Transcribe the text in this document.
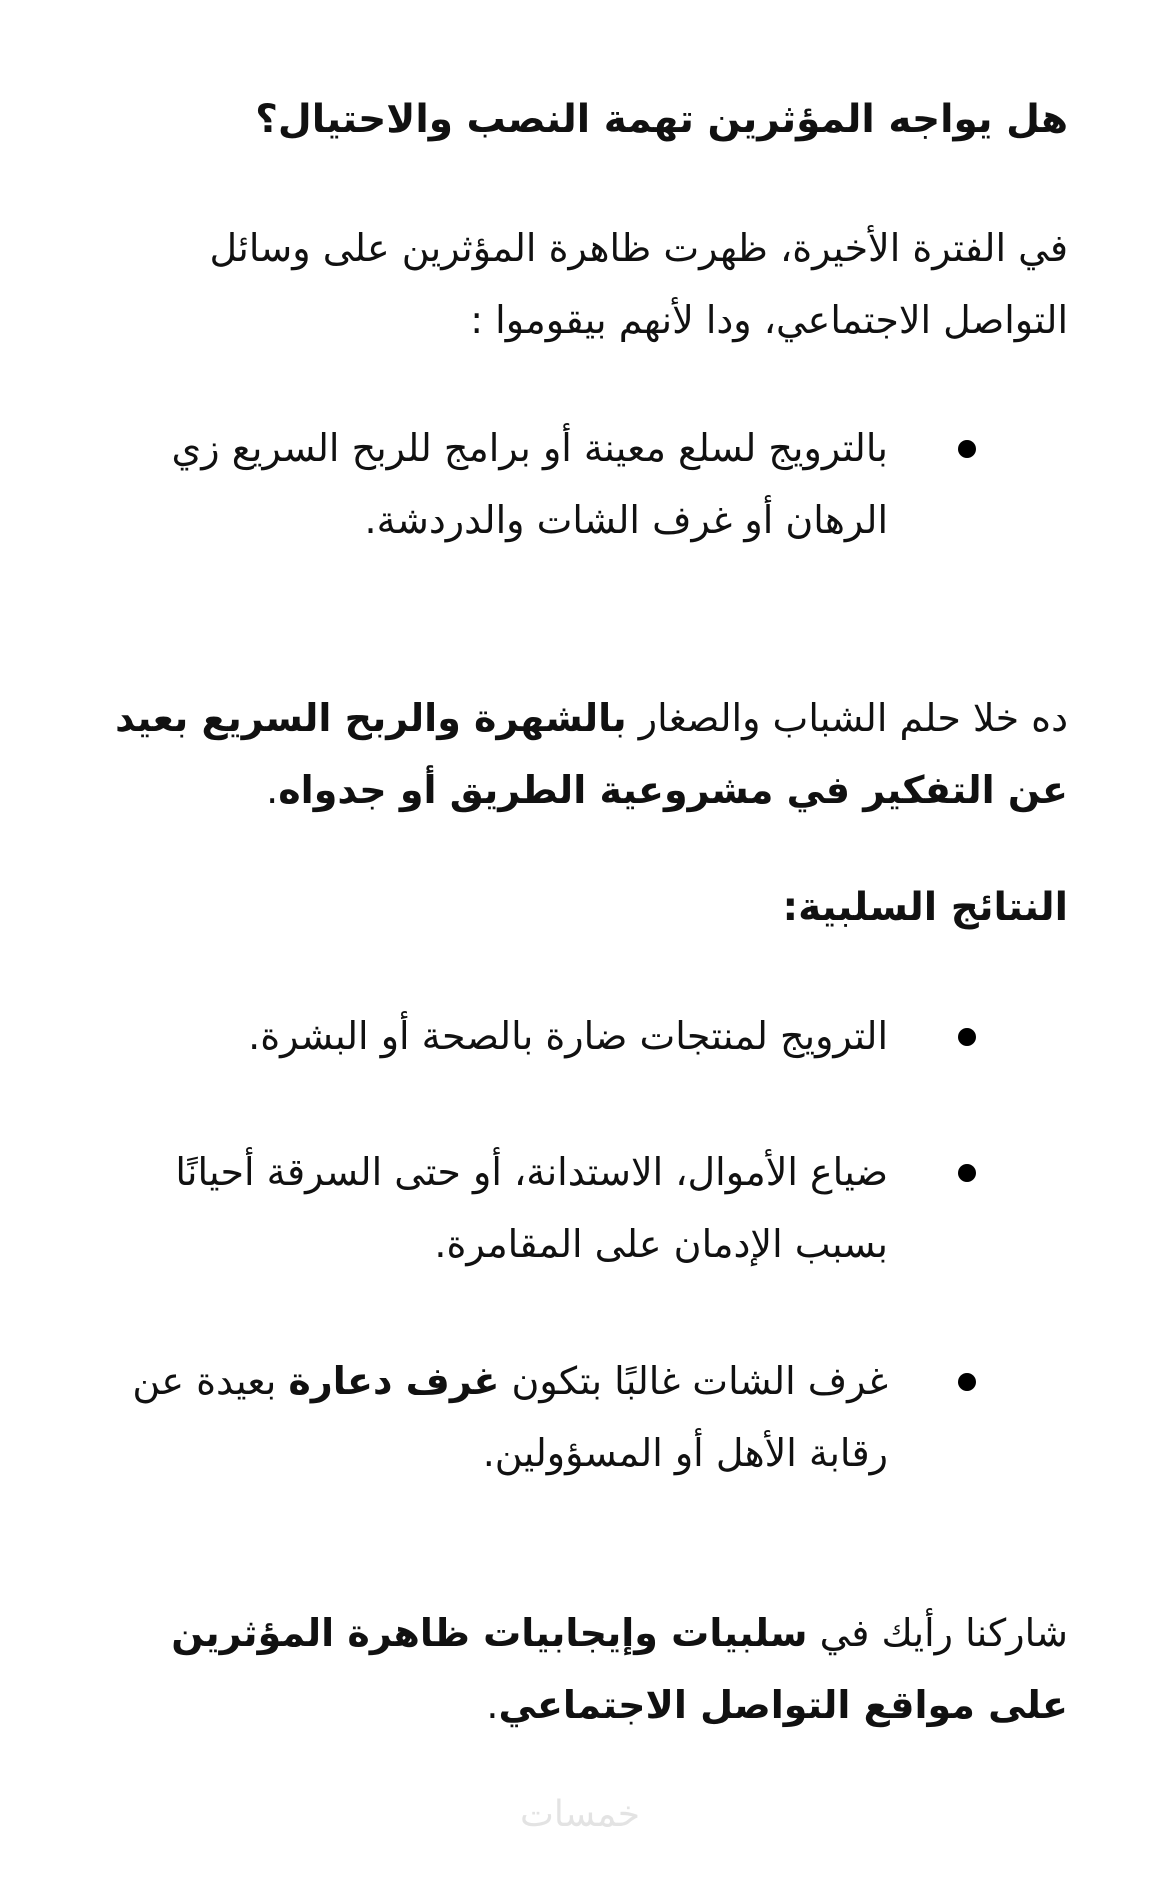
هل يواجه المؤثرين تهمة النصب والاحتيال؟

في الفترة الأخيرة، ظهرت ظاهرة المؤثرين على وسائل التواصل الاجتماعي، ودا لأنهم بيقوموا :

بالترويج لسلع معينة أو برامج للربح السريع زي الرهان أو غرف الشات والدردشة.

ده خلا حلم الشباب والصغار بالشهرة والربح السريع بعيد عن التفكير في مشروعية الطريق أو جدواه.

النتائج السلبية:

الترويج لمنتجات ضارة بالصحة أو البشرة.
ضياع الأموال، الاستدانة، أو حتى السرقة أحيانًا بسبب الإدمان على المقامرة.
غرف الشات غالبًا بتكون غرف دعارة بعيدة عن رقابة الأهل أو المسؤولين.

شاركنا رأيك في سلبيات وإيجابيات ظاهرة المؤثرين على مواقع التواصل الاجتماعي.

خمسات
